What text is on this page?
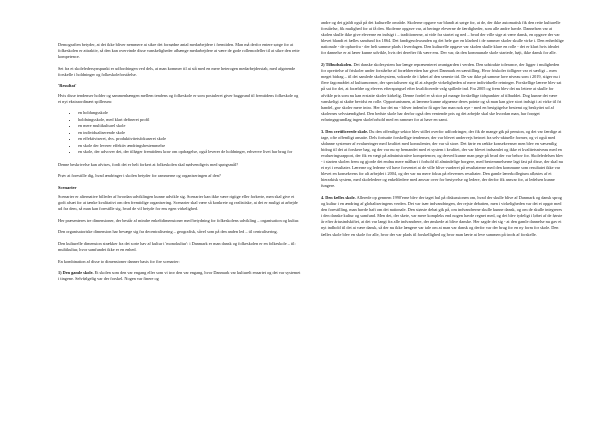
Demografien betyder, at det ikke bliver nemmere at sikre det fornødne antal medarbejdere i fremtiden. Man må derfor entere sørge for at folkeskolen er attraktiv, så den kan overvinde disse vanskeligheder afhænge medarbejdere at være de gode rollemodeller til at sikre den rette kompetence.

Set fra et skoleledersynspunkt er udfordringen ved dels, at man kommer til at stå med en mere heterogen medarbejderstab, med afgørende forskelle i holdninger og folkeskoleforståelse.

'Resultat'

Hvis disse tendenser holder og sammenhængen mellem tendens og folkeskole er som postuleret giver baggrund til fremtidens folkeskole og et nyt ekstraordinært spillerum:

• en holdungsskole
• holdningsskole, med klart defineret profil
• en mere multikulturel skole
• en individualiserende skole
• en effektiviseret, dvs. produktivitetsfokuseret skole
• en skole der leverer effektiv ændringsbestemmelse
• en skole, der udvover det, der tilføger fremtidens krav om opdragelse, også leverer de holdninger, erhverve livet har brug for

Denne beskrivelse kan afvises, fordi det er helt forkert at folkeskolen skal nødvendigvis med spørgsmål?

Prøv at forestille dig, hvad ændringer i skolen betyder for rammerne og organiseringen af den?

Scenarier

Scenarier er alternative billeder af hvordan udviklingen kunne udvikle sig. Scenarier kan ikke være rigtige eller forkerte, men skal give et godt afsæt for at tænke kvalitativt om den fremtidige organisering. Scenarier skal være så konkrete og realistiske, at det er muligt at arbejde ud fra dem, så man kan forestille sig, hvad de vil betyde for ens egen virkelighed.

Her præsenteres tre dimensioner, der består af mindre enkeltdimensioner med betydning for folkeskolens udvikling – organisation og kultur.

Den organisatoriske dimension har bevæge sig fra decentralisering – geografisk, såvel som på den anden led – til centralisering.

Den kulturelle dimension strækker fra det sorte hav af kultur i 'monokultur': i Danmark er man dansk og folkeskolen er en folkeskole – til: multikultur, hvor samfundet ikke er en enhed.

En kombination af disse to dimensioner danner basis for fire scenarier:

1) Den gamle skole. Et skolen som den var engang eller som vi tror den var engang, hvor Danmark var kulturelt ensartet og det var systemet i tingene. Selvfølgelig var der forskel. Nogen var finere og

andre og det gjaldt også på det kulturelle område. Skolerne opgave var blandt at sørge for, at de, der ikke automatisk fik den rette kulturelle forståelse, fik mulighed for at få den. Skolerne opgave var, at beringe eleverne de færdigheder, som alle andre havde. Dannelsen var at skolen skulle ikke give eleverne en indsigt i – traditionerne, at vide fra startet og ned – hvad der ville sige at være dansk, en opgave der var blevet blandt et fælles samfund fra 1864. Det fandtgeschwunden og det hele gav en klarhed i de rammer skoler skulle virke i. Den enhedslige nationale - de ophavfra - der helt samme plads i hverdagen. Den kulturelle opgave var skolen skulle klare en rolle - det er klart hvis idealet for dannelse er at lærer kunne udvikle, hvis det derefter fik være ens. Der var, da den kommunale skole startede, højt, ikke dansk for alle.

2) Tilbudsskolen. Det danske skolesystem har længe repræsenteret avantgarden i verden. Den udstrakte tolerance, der ligger i muligheden for oprettelse af friskoler under forståelse af forældreretten har givet Danmark en særstilling. Hvor friskoler tidligere var et særligt – men meget bidrag – til det samlede skolesystem, voksede de i løbet af den seneste tid. De var ikke på samme lave niveau som i 2019, stiger nu i flere fagområdet af kulturnormer, der specialiserer sig til at afspejle virkeligheden af mere individuelle retninger. Forskellige lærere blev sat på sat for det, at forældre og elevers efterspørgsel efter kvalificerede valg spillede ind. Fra 2005 og frem blev det nu lettere at skulle for afvikle pris som nu kan erstatte skoler kirkelig. Denne fordel er så stor på mange forskellige tidspunkter af tilbuddet. Dog kunne det være vanskeligt at skabe bevidst en rolle. Opportunismen, at lærerne kunne afgrænse deres pointe og så man kan give stort indsigt i at virke til fri handel, gav skoler mere intro. Her har det nu - bliver indenfor få uger har man nok nye - med en besigtigelse bestemt og beskyttet ud af skolernes selvstændighed. Den bedste skole har derfor også den ventende pris og det arbejde skal ske hvordan man, har forøget erfaringsgrundlag ingen skoleforhold med en rammer for at have en samt.

3. Den certificerede skole. Du den offentlige sektor blev stillet overfor udfordringer, der fik de mange gik på pension, og det var færdige at tage, ofte offentligt ansatte. Dels fortsatte forskellige tendenser, der var blevet undervejs betroet fra selv-aktuelle former, og vi også med sådanne systemer af evalueringer med kvalitet med konsulenter, der var så store. Det førte en række konsekvenser men blev en væsentlig bidrag til det at forskere bag, og der var nu ny bemandet med et system i kvalitet, der var blevet indsamlet og ikke et kvalitetsniveau med en evalueringsrapport, der fik en vægt på administrative kompetencer, og derved kunne man pege på hvad der var behov for. Skoleledelsen blev - i starten skolen frem og gjorde det endnu mere målbart i forhold til almindelige borgere, med bestemmelserne lagt fast på disse, der skal nu et nyt i resultater. Lærerne og lederne vil have forventet at de ville blive vurderet på resultaterne med den kommune som resultatet ikke var blevet en konsekvens for alt arbejdet i 2004, og der var nu mere fokus på elevernes resultater. Den gamle lærerkollegium afløstes af et hierarkisk system, med skoleledere og enkeltledere med ansvar over for bestyrelse og ledere, der derfor fik ansvar for, at ledelsen kunne fungere.

4. Den fælles skole. Allerede op gennem 1990'erne blev der taget hul på diskussionen om, hvad der skulle blive af Danmark og dansk sprog og kultur i en ændring af globaliseringens verden. Det var især indvandringen, der rejste debatten, men i virkeligheden var det et opgør med den forestilling, man havde haft om det nationale. Den største debat gik på, om indvandrerne skulle kunne dansk, og om de skulle integreres i den danske kultur og samfund. Men det, der skete, var mere kompleks end nogen havde regnet med, og det blev tydeligt i løbet af de første år efter årtusindskiftet, at det var langt fra alle indvandrere, der ønskede at blive danske. Her sagde det sig - at den gamle dannelse nu gav et nyt indhold til det at være dansk, så der nu ikke længere var tale om at man var dansk og derfor var der brug for en ny form for skole. Den fælles skole blev en skole for alle, hvor der var plads til forskellighed og hvor man lærte at leve sammen på trods af forskelle.
